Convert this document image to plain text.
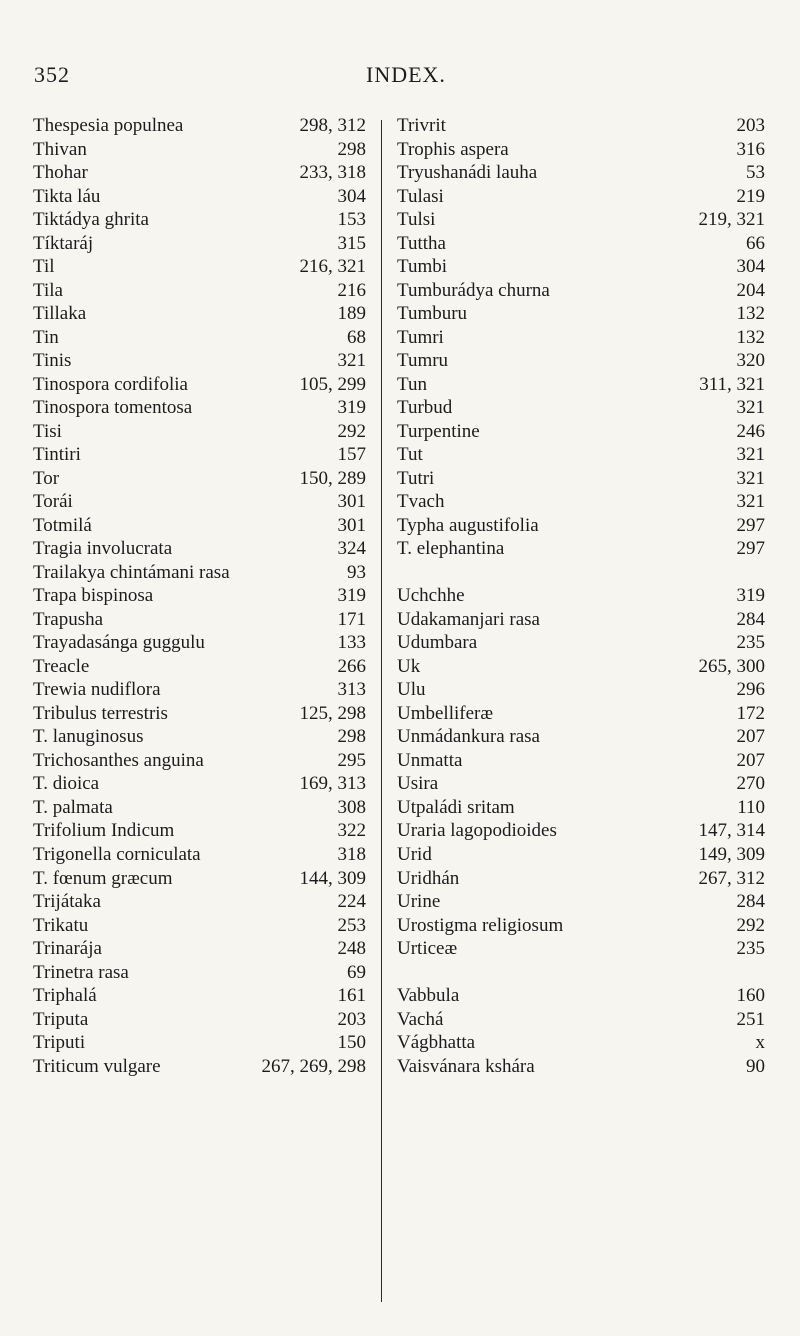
352	INDEX.
Thespesia populnea	298, 312
Thivan	298
Thohar	233, 318
Tikta láu	304
Tiktádya ghrita	153
Tíktaráj	315
Til	216, 321
Tila	216
Tillaka	189
Tin	68
Tinis	321
Tinospora cordifolia	105, 299
Tinospora tomentosa	319
Tisi	292
Tintiri	157
Tor	150, 289
Torái	301
Totmilá	301
Tragia involucrata	324
Trailakya chintámani rasa	93
Trapa bispinosa	319
Trapusha	171
Trayadasánga guggulu	133
Treacle	266
Trewia nudiflora	313
Tribulus terrestris	125, 298
T. lanuginosus	298
Trichosanthes anguina	295
T. dioica	169, 313
T. palmata	308
Trifolium Indicum	322
Trigonella corniculata	318
T. fœnum græcum	144, 309
Trijátaka	224
Trikatu	253
Trinarája	248
Trinetra rasa	69
Triphalá	161
Triputa	203
Triputi	150
Triticum vulgare	267, 269, 298
Trivrit	203
Trophis aspera	316
Tryushanádi lauha	53
Tulasi	219
Tulsi	219, 321
Tuttha	66
Tumbi	304
Tumburádya churna	204
Tumburu	132
Tumri	132
Tumru	320
Tun	311, 321
Turbud	321
Turpentine	246
Tut	321
Tutri	321
Tvach	321
Typha augustifolia	297
T. elephantina	297
Uchchhe	319
Udakamanjari rasa	284
Udumbara	235
Uk	265, 300
Ulu	296
Umbelliferæ	172
Unmádankura rasa	207
Unmatta	207
Usira	270
Utpaládi sritam	110
Uraria lagopodioides	147, 314
Urid	149, 309
Uridhán	267, 312
Urine	284
Urostigma religiosum	292
Urticeæ	235
Vabbula	160
Vachá	251
Vágbhatta	x
Vaisvánara kshára	90
